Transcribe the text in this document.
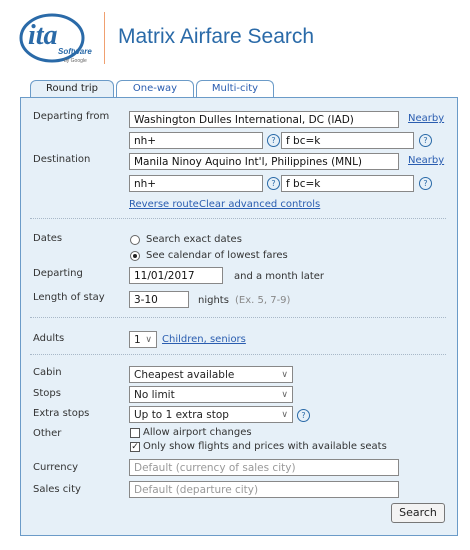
ita
Software
by Google
Matrix Airfare Search
Round trip	One-way	Multi-city
Departing from	Washington Dulles International, DC (IAD)	Nearby
nh+	? f bc=k	?
Destination	Manila Ninoy Aquino Int'l, Philippines (MNL)	Nearby
nh+	? f bc=k	?
Reverse route Clear advanced controls
Dates	Search exact dates
See calendar of lowest fares
Departing	11/01/2017	and a month later
Length of stay	3-10	nights (Ex. 5, 7-9)
Adults	1 ∨ Children, seniors
Cabin	Cheapest available	∨
Stops	No limit	∨
Extra stops	Up to 1 extra stop	∨	?
Other	Allow airport changes
✓ Only show flights and prices with available seats
Currency	Default (currency of sales city)
Sales city	Default (departure city)
Search
